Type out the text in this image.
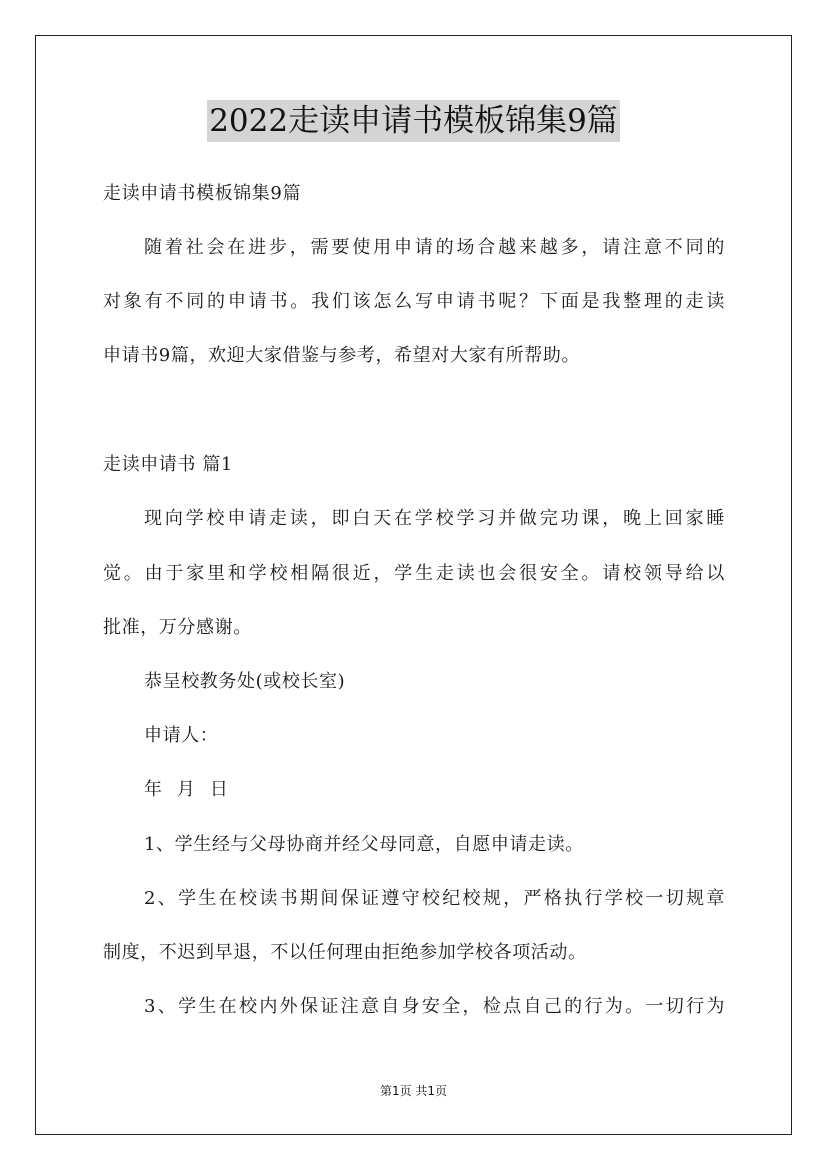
2022走读申请书模板锦集9篇
走读申请书模板锦集9篇
随着社会在进步，需要使用申请的场合越来越多，请注意不同的
对象有不同的申请书。我们该怎么写申请书呢？下面是我整理的走读
申请书9篇，欢迎大家借鉴与参考，希望对大家有所帮助。
走读申请书 篇1
现向学校申请走读，即白天在学校学习并做完功课，晚上回家睡
觉。由于家里和学校相隔很近，学生走读也会很安全。请校领导给以
批准，万分感谢。
恭呈校教务处(或校长室)
申请人：
年 月 日
1、学生经与父母协商并经父母同意，自愿申请走读。
2、学生在校读书期间保证遵守校纪校规，严格执行学校一切规章
制度，不迟到早退，不以任何理由拒绝参加学校各项活动。
3、学生在校内外保证注意自身安全，检点自己的行为。一切行为
第1页 共1页
